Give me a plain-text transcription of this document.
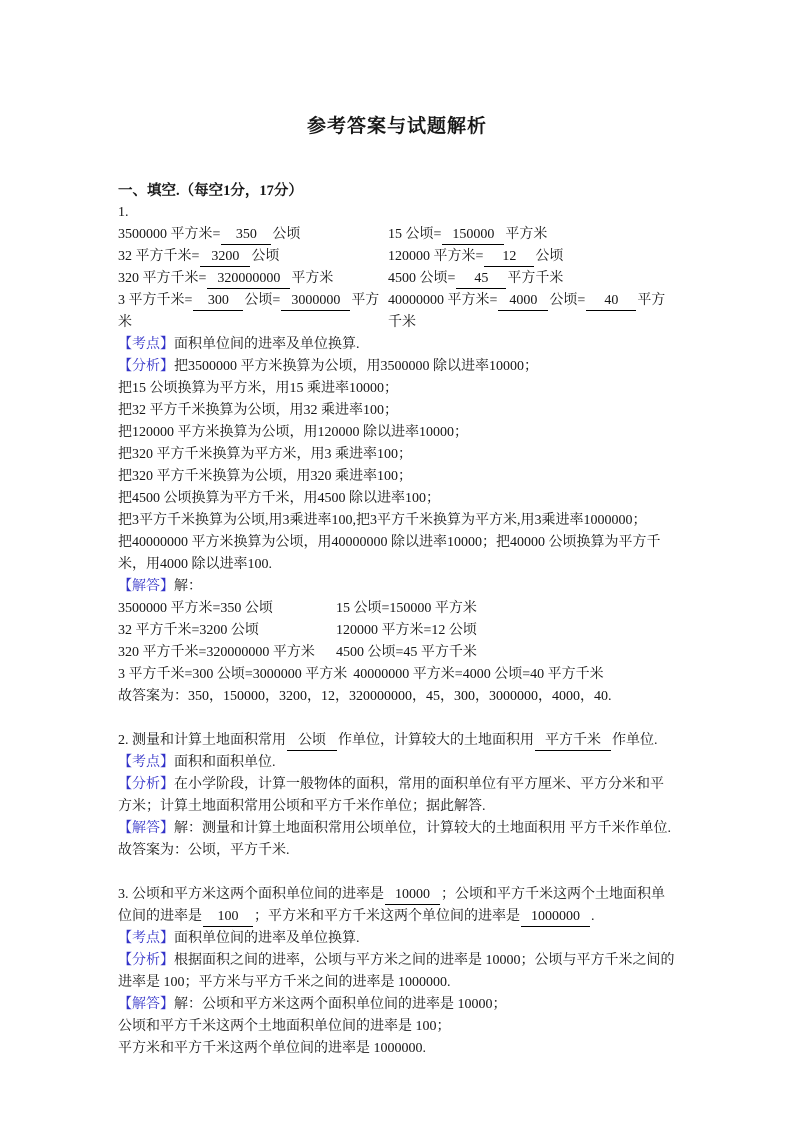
参考答案与试题解析
一、填空.（每空1分，17分）
1.
3500000 平方米= 350 公顷	15 公顷= 150000 平方米
32 平方千米= 3200 公顷	120000 平方米= 12 公顷
320 平方千米= 320000000 平方米	4500 公顷= 45 平方千米
3 平方千米= 300 公顷= 3000000 平方米
40000000 平方米= 4000 公顷= 40 平方千米

【考点】面积单位间的进率及单位换算.

【分析】把3500000 平方米换算为公顷，用3500000 除以进率10000；

把15 公顷换算为平方米，用15 乘进率10000；

把32 平方千米换算为公顷，用32 乘进率100；

把120000 平方米换算为公顷，用120000 除以进率10000；

把320 平方千米换算为平方米，用3 乘进率100；

把320 平方千米换算为公顷，用320 乘进率100；

把4500 公顷换算为平方千米，用4500 除以进率100；

把3平方千米换算为公顷,用3乘进率100,把3平方千米换算为平方米,用3乘进率1000000；

把40000000 平方米换算为公顷，用40000000 除以进率10000；把40000 公顷换算为平方千米，用4000 除以进率100.

【解答】解：

3500000 平方米=350 公顷	15 公顷=150000 平方米
32 平方千米=3200 公顷	120000 平方米=12 公顷
320 平方千米=320000000 平方米	4500 公顷=45 平方千米
3 平方千米=300 公顷=3000000 平方米 40000000 平方米=4000 公顷=40 平方千米

故答案为：350，150000，3200，12，320000000，45，300，3000000，4000，40.

2. 测量和计算土地面积常用 公顷 作单位，计算较大的土地面积用 平方千米 作单位.

【考点】面积和面积单位.

【分析】在小学阶段，计算一般物体的面积，常用的面积单位有平方厘米、平方分米和平方米；计算土地面积常用公顷和平方千米作单位；据此解答.

【解答】解：测量和计算土地面积常用公顷单位，计算较大的土地面积用 平方千米作单位.

故答案为：公顷，平方千米.

3. 公顷和平方米这两个面积单位间的进率是 10000 ；公顷和平方千米这两个土地面积单位间的进率是 100 ；平方米和平方千米这两个单位间的进率是 1000000 .

【考点】面积单位间的进率及单位换算.

【分析】根据面积之间的进率，公顷与平方米之间的进率是 10000；公顷与平方千米之间的进率是 100；平方米与平方千米之间的进率是 1000000.

【解答】解：公顷和平方米这两个面积单位间的进率是 10000；

公顷和平方千米这两个土地面积单位间的进率是 100；

平方米和平方千米这两个单位间的进率是 1000000.
